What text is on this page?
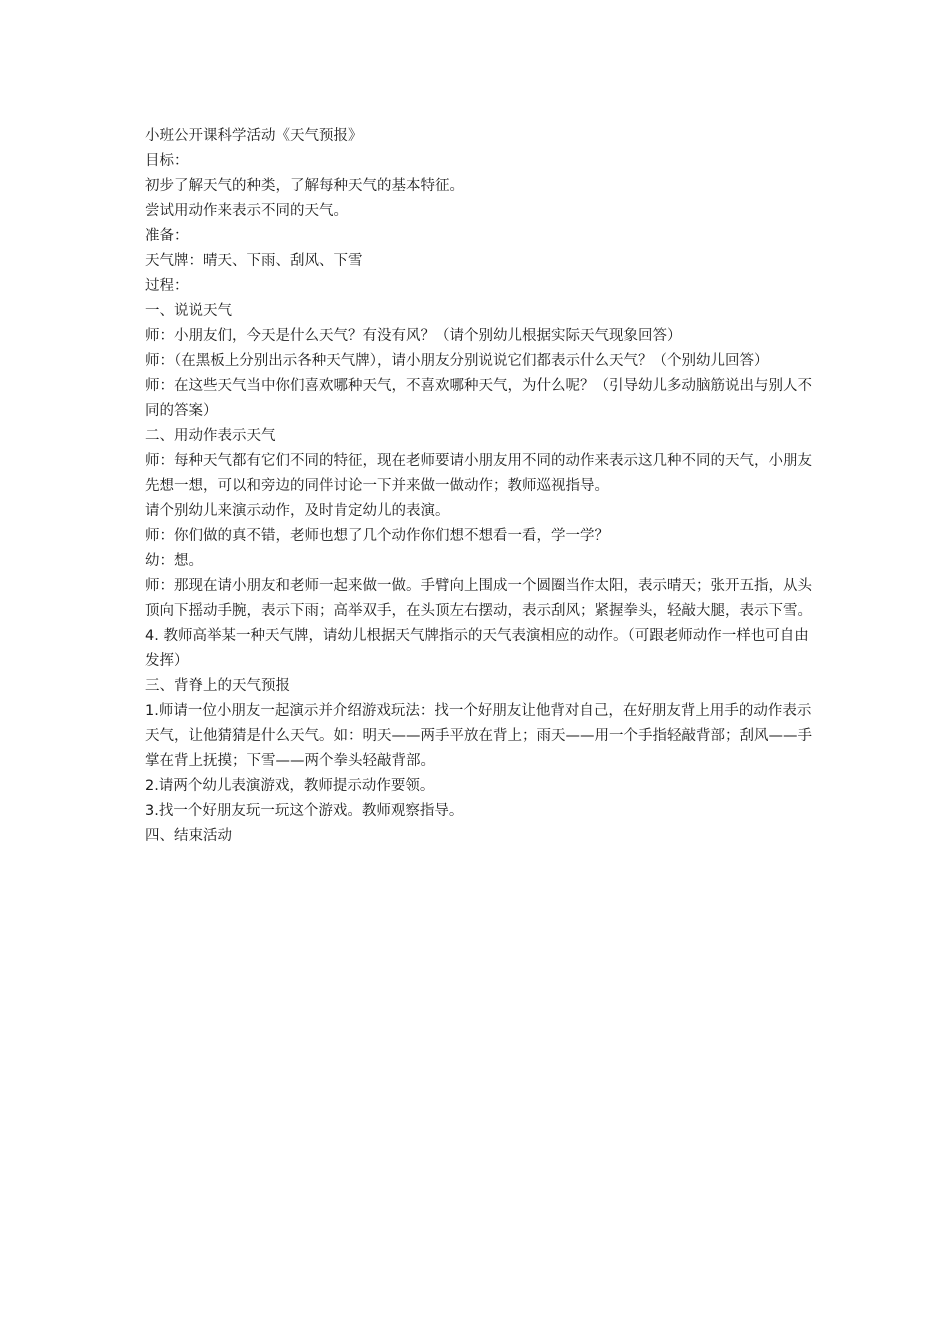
小班公开课科学活动《天气预报》

目标：

初步了解天气的种类，了解每种天气的基本特征。

尝试用动作来表示不同的天气。

准备：

天气牌：晴天、下雨、刮风、下雪

过程：

一、说说天气

师：小朋友们，今天是什么天气？有没有风？（请个别幼儿根据实际天气现象回答）

师：（在黑板上分别出示各种天气牌），请小朋友分别说说它们都表示什么天气？（个别幼儿回答）

师：在这些天气当中你们喜欢哪种天气，不喜欢哪种天气，为什么呢？（引导幼儿多动脑筋说出与别人不同的答案）

二、用动作表示天气

师：每种天气都有它们不同的特征，现在老师要请小朋友用不同的动作来表示这几种不同的天气，小朋友先想一想，可以和旁边的同伴讨论一下并来做一做动作；教师巡视指导。

请个别幼儿来演示动作，及时肯定幼儿的表演。

师：你们做的真不错，老师也想了几个动作你们想不想看一看，学一学？

幼：想。

师：那现在请小朋友和老师一起来做一做。手臂向上围成一个圆圈当作太阳，表示晴天；张开五指，从头顶向下摇动手腕，表示下雨；高举双手，在头顶左右摆动，表示刮风；紧握拳头，轻敲大腿，表示下雪。

4. 教师高举某一种天气牌，请幼儿根据天气牌指示的天气表演相应的动作。（可跟老师动作一样也可自由发挥）

三、背脊上的天气预报

1.师请一位小朋友一起演示并介绍游戏玩法：找一个好朋友让他背对自己，在好朋友背上用手的动作表示天气，让他猜猜是什么天气。如：明天——两手平放在背上；雨天——用一个手指轻敲背部；刮风——手掌在背上抚摸；下雪——两个拳头轻敲背部。

2.请两个幼儿表演游戏，教师提示动作要领。

3.找一个好朋友玩一玩这个游戏。教师观察指导。

四、结束活动
